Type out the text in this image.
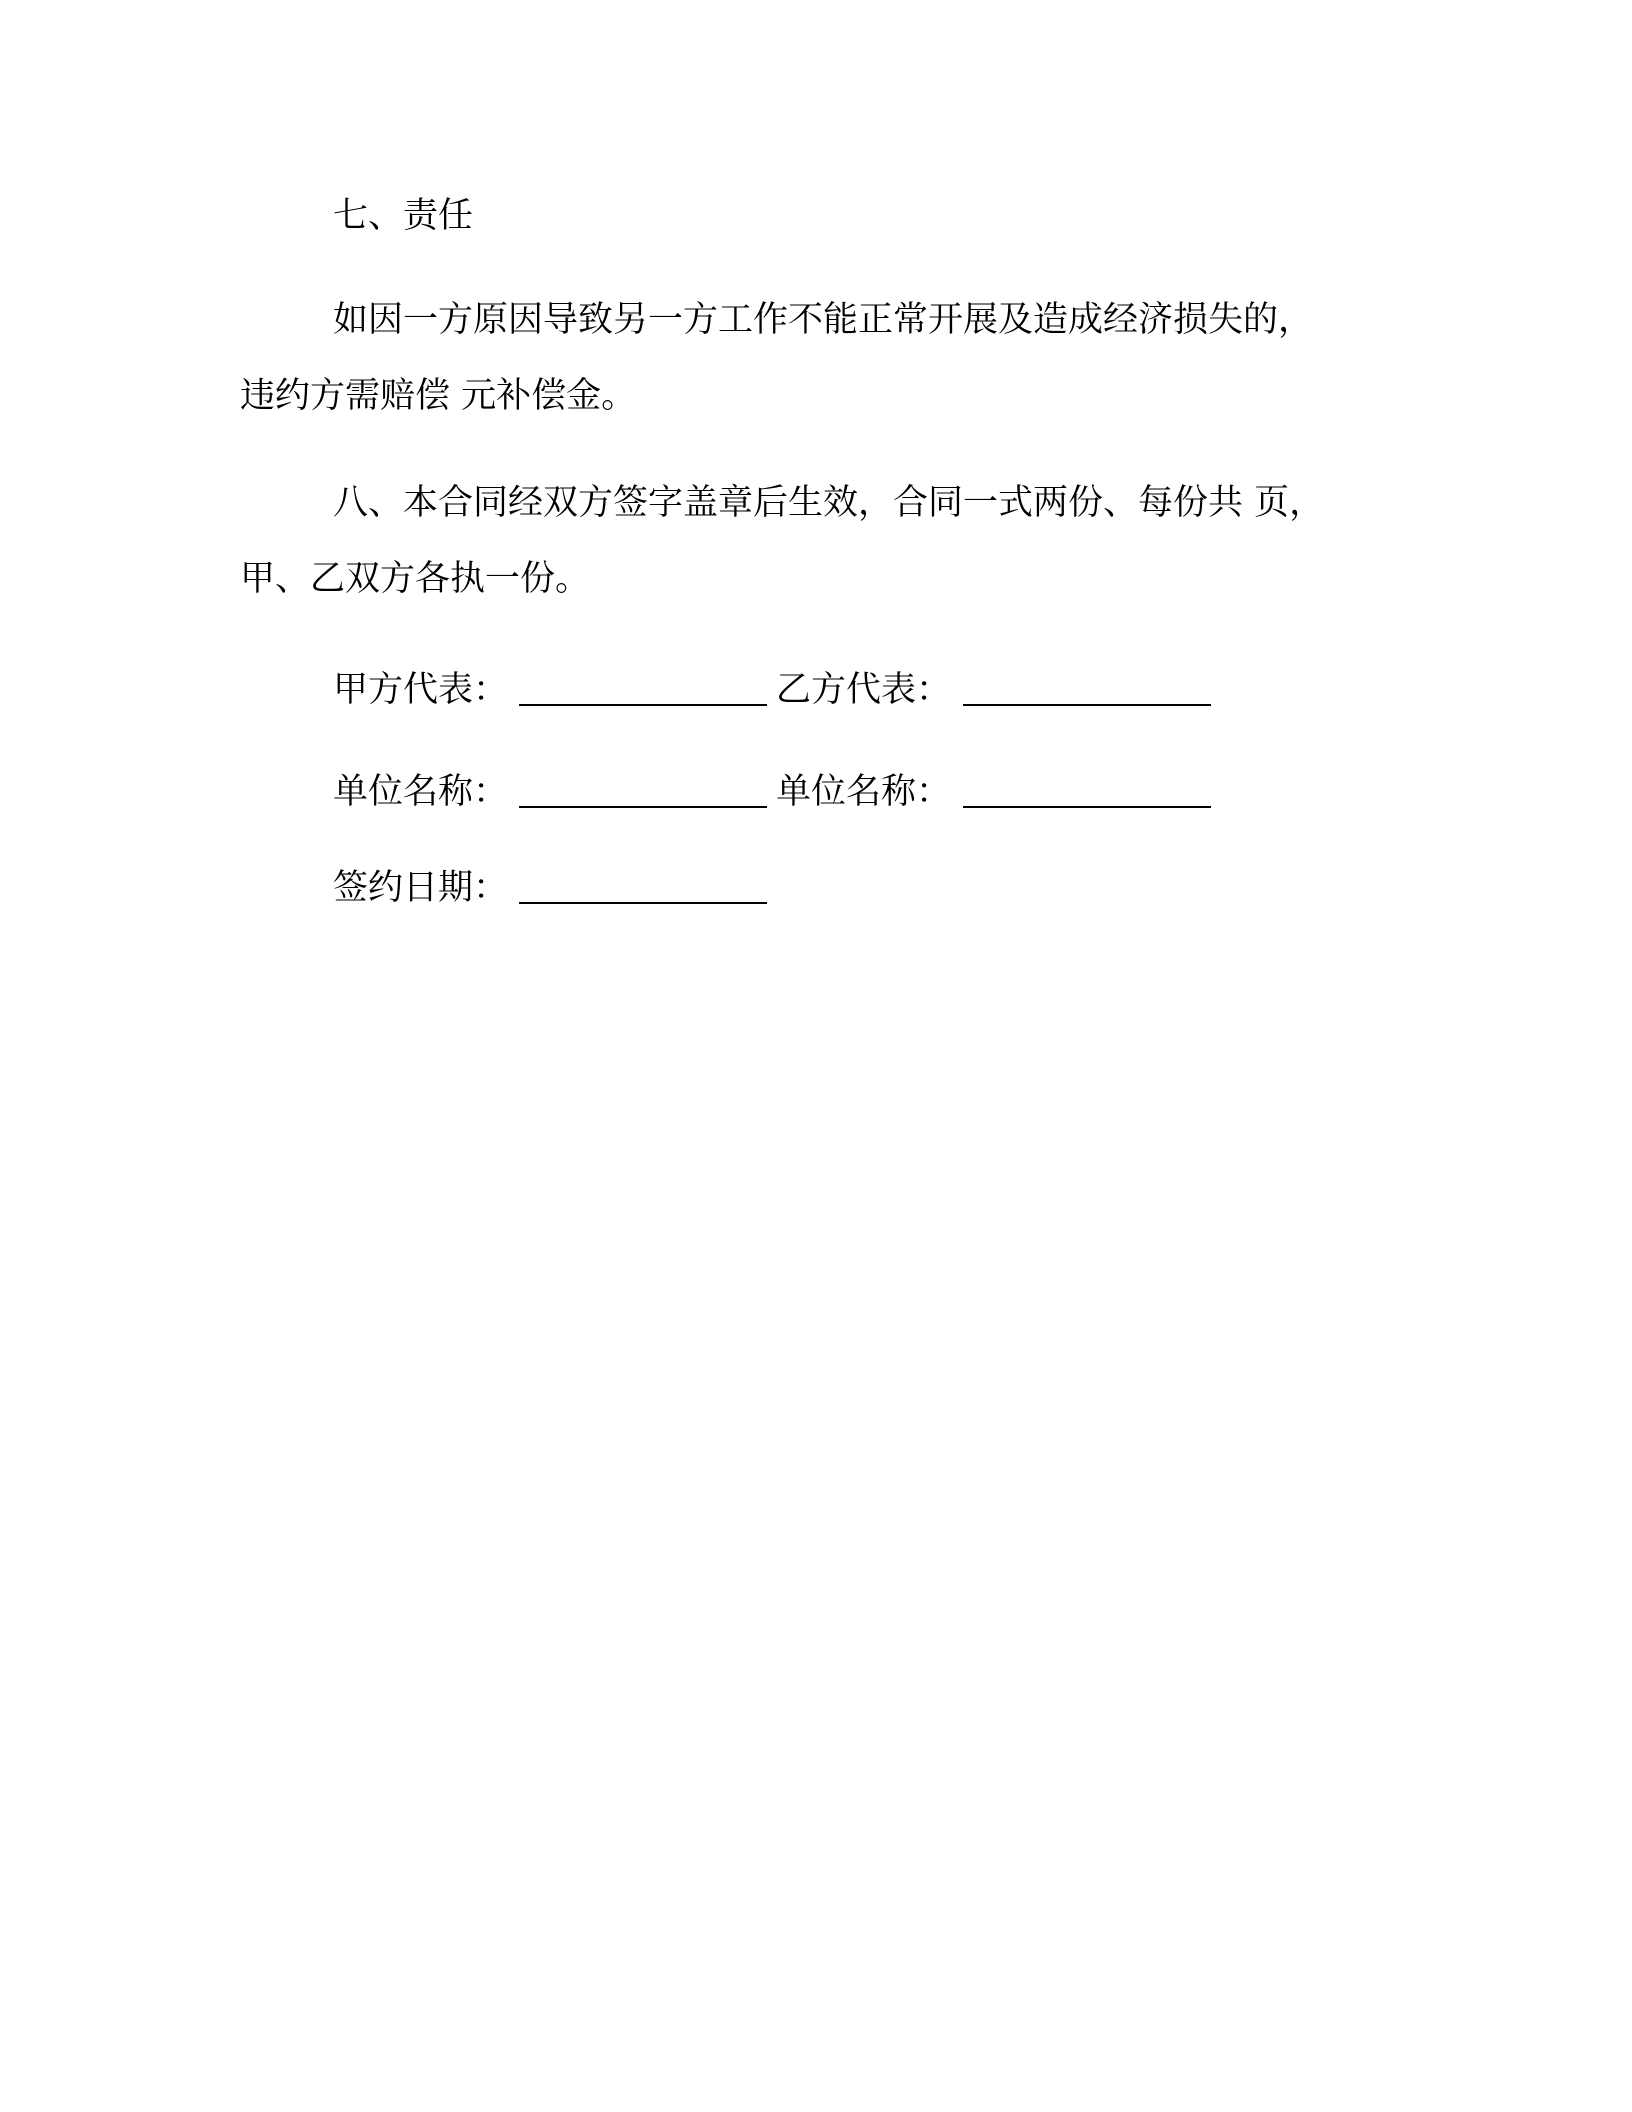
七、责任
如因一方原因导致另一方工作不能正常开展及造成经济损失的，
违约方需赔偿 元补偿金。
八、本合同经双方签字盖章后生效，合同一式两份、每份共 页，
甲、乙双方各执一份。
甲方代表：	乙方代表：
单位名称：	单位名称：
签约日期：
